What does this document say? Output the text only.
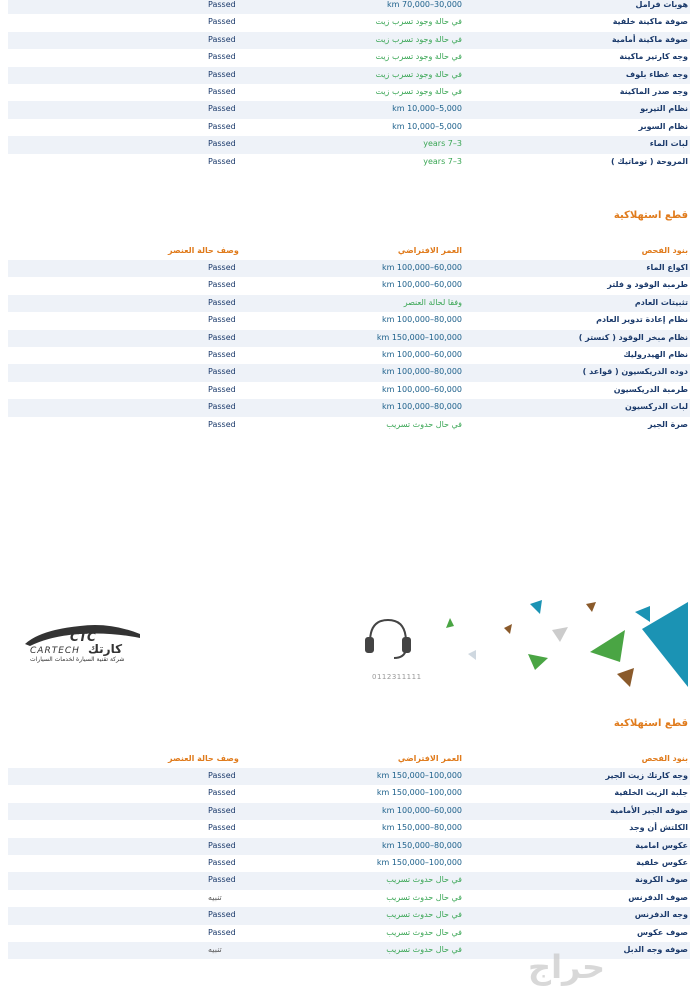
هوبات فرامل
km 70,000–30,000
Passed
صوفة ماكينة خلفية
في حالة وجود تسرب زيت
Passed
صوفة ماكينة أمامية
في حالة وجود تسرب زيت
Passed
وجه كارتير ماكينة
في حالة وجود تسرب زيت
Passed
وجه غطاء بلوف
في حالة وجود تسرب زيت
Passed
وجه صدر الماكينة
في حالة وجود تسرب زيت
Passed
نظام التيربو
km 10,000–5,000
Passed
نظام السوبر
km 10,000–5,000
Passed
لبات الماء
years 7–3
Passed
المروحة ( توماتيك )
years 7–3
Passed
قطع استهلاكية
بنود الفحص
العمر الافتراضي
وصف حالة العنصر
اكواع الماء
km 100,000–60,000
Passed
طرمبة الوقود و فلتر
km 100,000–60,000
Passed
تثبيتات العادم
وفقا لحالة العنصر
Passed
نظام إعادة تدوير العادم
km 100,000–80,000
Passed
نظام مبخر الوقود ( كنستر )
km 150,000–100,000
Passed
نظام الهيدروليك
km 100,000–60,000
Passed
دوده الدريكسيون ( قواعد )
km 100,000–80,000
Passed
طرمبة الدريكسيون
km 100,000–60,000
Passed
لبات الدركسيون
km 100,000–80,000
Passed
صرة الجير
في حال حدوث تسريب
Passed
CTC
كارتك
CARTECH
شركة تقنية السيارة لخدمات السيارات
0112311111
قطع استهلاكية
بنود الفحص
العمر الافتراضي
وصف حالة العنصر
وجه كارتك زيت الجير
km 150,000–100,000
Passed
جلبة الزيت الخلفية
km 150,000–100,000
Passed
صوفه الجير الأمامية
km 100,000–60,000
Passed
الكلتش أن وجد
km 150,000–80,000
Passed
عكوس امامية
km 150,000–80,000
Passed
عكوس خلفية
km 150,000–100,000
Passed
صوف الكرونة
في حال حدوث تسريب
Passed
صوف الدفرنس
في حال حدوث تسريب
تنبيه
وجه الدفرنس
في حال حدوث تسريب
Passed
صوف عكوس
في حال حدوث تسريب
Passed
صوفه وجه الدبل
في حال حدوث تسريب
تنبيه	حراج
